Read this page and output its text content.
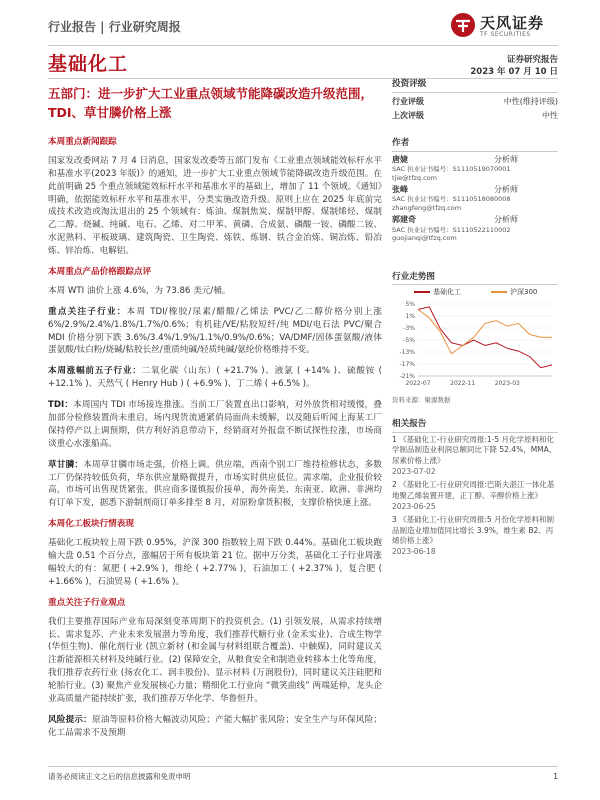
行业报告 | 行业研究周报	天风证券
TF SECURITIES
基础化工	证券研究报告
2023 年 07 月 10 日
五部门：进一步扩大工业重点领域节能降碳改造升级范围，TDI、草甘膦价格上涨
本周重点新闻跟踪
国家发改委网站 7 月 4 日消息，国家发改委等五部门发布《工业重点领域能效标杆水平和基准水平(2023 年版)》的通知，进一步扩大工业重点领域节能降碳改造升级范围。在此前明确 25 个重点领域能效标杆水平和基准水平的基础上，增加了 11 个领域。《通知》明确，依据能效标杆水平和基准水平，分类实施改造升级。原则上应在 2025 年底前完成技术改造或淘汰退出的 25 个领域有：炼油、煤制焦炭、煤制甲醇、煤制烯烃、煤制乙二醇、烧碱、纯碱、电石、乙烯、对二甲苯、黄磷、合成氨、磷酸一铵、磷酸二铵、水泥熟料、平板玻璃、建筑陶瓷、卫生陶瓷、炼铁、炼钢、铁合金冶炼、铜冶炼、铅冶炼、锌冶炼、电解铝。
本周重点产品价格跟踪点评
本周 WTI 油价上涨 4.6%，为 73.86 美元/桶。
重点关注子行业：本周 TDI/橡胶/尿素/醋酸/乙烯法 PVC/乙二醇价格分别上涨 6%/2.9%/2.4%/1.8%/1.7%/0.6%；有机硅/VE/粘胶短纤/纯 MDI/电石法 PVC/聚合 MDI 价格分别下跌 3.6%/3.4%/1.9%/1.1%/0.9%/0.6%；VA/DMF/固体蛋氨酸/液体蛋氨酸/钛白粉/烧碱/粘胶长丝/重质纯碱/轻质纯碱/氨纶价格维持不变。
本周涨幅前五子行业：二氧化碳（山东）( +21.7% )、液氯 ( +14% )、硫酸铵 ( +12.1% )、天然气 ( Henry Hub ) ( +6.9% )、丁二烯 ( +6.5% )。
TDI：本周国内 TDI 市场接连推涨。当前工厂装置直出口影响，对外放货相对缓慢，叠加部分检修装置尚未重启，场内现货流通紧俏局面尚未缓解，以及随后听闻上海某工厂保持停产以上调预期，供方利好消息带动下，经销商对外报盘不断试探性拉涨，市场商谈重心水涨船高。
草甘膦：本周草甘膦市场走强，价格上调。供应端，西南个别工厂维持检修状态，多数工厂仍保持较低负荷，华东供应量略微提升，市场实时供应低位。需求端，企业报价较高，市场可出售现货紧张，供应商多谨慎报价接单，海外南美、东南亚、欧洲、非洲均有订单下发，据悉下游制剂商订单多排至 8 月，对原粉拿货积极，支撑价格快速上涨。
本周化工板块行情表现
基础化工板块较上周下跌 0.95%，沪深 300 指数较上周下跌 0.44%。基础化工板块跑输大盘 0.51 个百分点，涨幅居于所有板块第 21 位。据申万分类，基础化工子行业周涨幅较大的有：氮肥 ( +2.9% )，维纶 ( +2.77% )，石油加工 ( +2.37% )，复合肥 ( +1.66% )，石油贸易 ( +1.6% )。
重点关注子行业观点
我们主要推荐国际产业布局深刻变革周期下的投资机会。(1) 引领发展，从需求持续增长、需求复苏、产业未来发展潜力等角度，我们推荐代糖行业 (金禾实业)、合成生物学 (华恒生物)、催化剂行业 (凯立新材 (和金属与材料组联合覆盖)、中触媒)，同时建议关注新能源相关材料及纯碱行业。(2) 保障安全，从粮食安全和制造业转移本土化等角度，我们推荐农药行业 (扬农化工、润丰股份)、显示材料 (万润股份)，同时建议关注硅肥和轮胎行业。(3) 聚焦产业发展核心力量；精细化工行业向 “微笑曲线” 两端延伸，龙头企业高质量产能持续扩张，我们推荐万华化学、华鲁恒升。
风险提示：原油等原料价格大幅波动风险；产能大幅扩张风险；安全生产与环保风险；化工品需求不及预期
投资评级
行业评级	中性(维持评级)
上次评级	中性
作者
唐婕	分析师
SAC 执业证书编号：S1110519070001
tjie@tfzq.com
张峰	分析师
SAC 执业证书编号：S1110518080008
zhangfeng@tfzq.com
郭建奇	分析师
SAC 执业证书编号：S1110522110002
guojianqi@tfzq.com
行业走势图
基础化工	沪深300
5%
1%
-3%
-5%
-13%
-17%
-21%
2022-07	2022-11	2023-03
资料来源：聚源数据
相关报告
1 《基础化工-行业研究周报:1-5 月化学原料和化学制品制造业利润总额同比下降 52.4%，MMA、尿素价格上涨》
2023-07-02
2 《基础化工-行业研究周报:巴斯夫湛江一体化基地聚乙烯装置开建，正丁醇、辛醇价格上涨》
2023-06-25
3 《基础化工-行业研究周报:5 月份化学原料和制品制造业增加值同比增长 3.9%，维生素 B2、丙烯价格上涨》
2023-06-18
请务必阅读正文之后的信息披露和免责申明	1
